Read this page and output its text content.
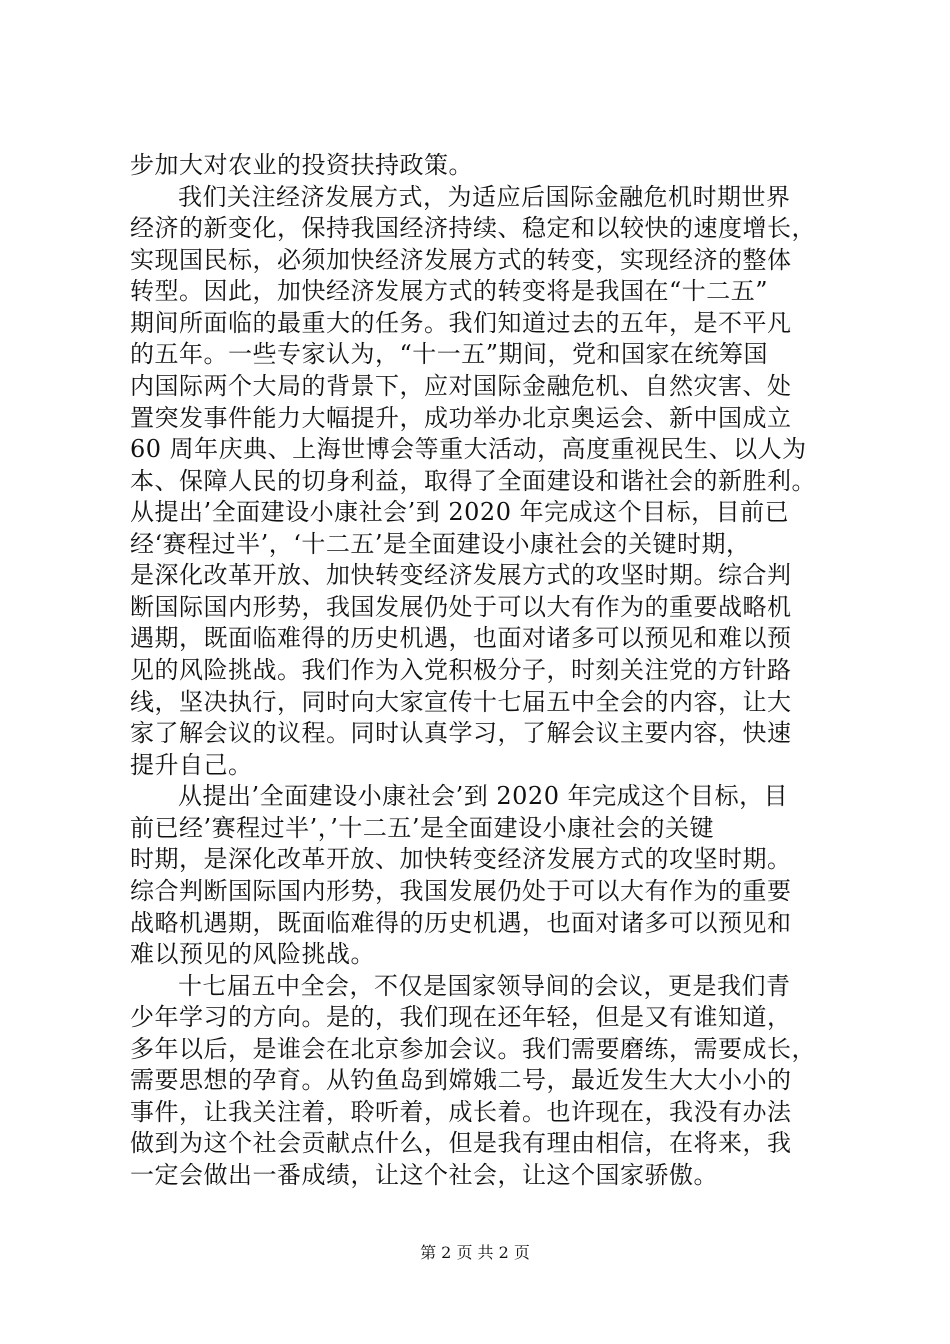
步加大对农业的投资扶持政策。
我们关注经济发展方式，为适应后国际金融危机时期世界
经济的新变化，保持我国经济持续、稳定和以较快的速度增长，
实现国民标，必须加快经济发展方式的转变，实现经济的整体
转型。因此，加快经济发展方式的转变将是我国在“十二五”
期间所面临的最重大的任务。我们知道过去的五年，是不平凡
的五年。一些专家认为，“十一五”期间，党和国家在统筹国
内国际两个大局的背景下，应对国际金融危机、自然灾害、处
置突发事件能力大幅提升，成功举办北京奥运会、新中国成立
60 周年庆典、上海世博会等重大活动，高度重视民生、以人为
本、保障人民的切身利益，取得了全面建设和谐社会的新胜利。
从提出’全面建设小康社会’到 2020 年完成这个目标，目前已
经‘赛程过半’，‘十二五’是全面建设小康社会的关键时期，
是深化改革开放、加快转变经济发展方式的攻坚时期。综合判
断国际国内形势，我国发展仍处于可以大有作为的重要战略机
遇期，既面临难得的历史机遇，也面对诸多可以预见和难以预
见的风险挑战。我们作为入党积极分子，时刻关注党的方针路
线，坚决执行，同时向大家宣传十七届五中全会的内容，让大
家了解会议的议程。同时认真学习，了解会议主要内容，快速
提升自己。
从提出’全面建设小康社会’到 2020 年完成这个目标，目
前已经’赛程过半’，’十二五’是全面建设小康社会的关键
时期，是深化改革开放、加快转变经济发展方式的攻坚时期。
综合判断国际国内形势，我国发展仍处于可以大有作为的重要
战略机遇期，既面临难得的历史机遇，也面对诸多可以预见和
难以预见的风险挑战。
十七届五中全会，不仅是国家领导间的会议，更是我们青
少年学习的方向。是的，我们现在还年轻，但是又有谁知道，
多年以后，是谁会在北京参加会议。我们需要磨练，需要成长，
需要思想的孕育。从钓鱼岛到嫦娥二号，最近发生大大小小的
事件，让我关注着，聆听着，成长着。也许现在，我没有办法
做到为这个社会贡献点什么，但是我有理由相信，在将来，我
一定会做出一番成绩，让这个社会，让这个国家骄傲。
第 2 页 共 2 页
